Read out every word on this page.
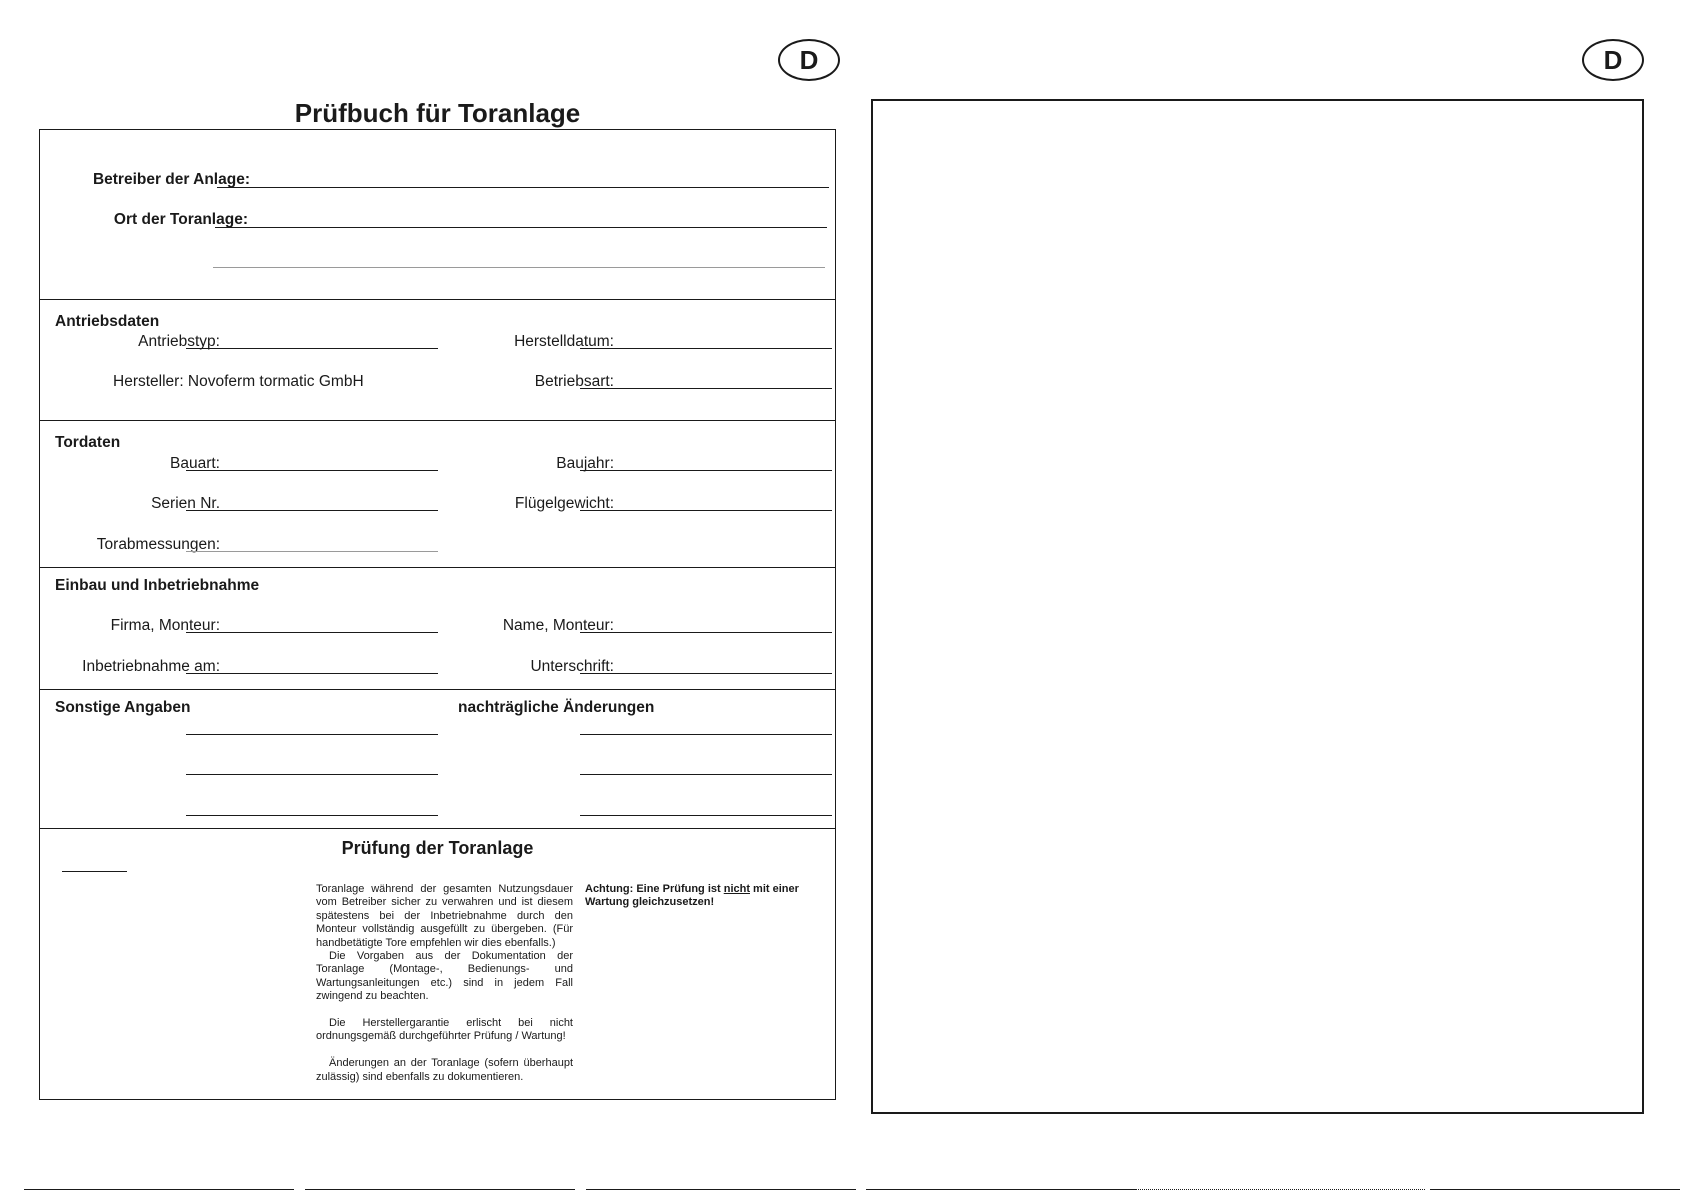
D	D
Prüfbuch für Toranlage
Betreiber der Anlage:
Ort der Toranlage:
Antriebsdaten
Antriebstyp:	Herstelldatum:
Hersteller: Novoferm tormatic GmbH	Betriebsart:
Tordaten
Bauart:	Baujahr:
Serien Nr.	Flügelgewicht:
Torabmessungen:
Einbau und Inbetriebnahme
Firma, Monteur:	Name, Monteur:
Inbetriebnahme am:	Unterschrift:
Sonstige Angaben	nachträgliche Änderungen
Prüfung der Toranlage

Toranlage während der gesamten Nutzungsdauer vom Betreiber sicher zu verwahren und ist diesem spätestens bei der Inbetriebnahme durch den Monteur vollständig ausgefüllt zu übergeben. (Für handbetätigte Tore empfehlen wir dies ebenfalls.)

Die Vorgaben aus der Dokumentation der Toranlage (Montage-, Bedienungs- und Wartungsanleitungen etc.) sind in jedem Fall zwingend zu beachten.

Die Herstellergarantie erlischt bei nicht ordnungsgemäß durchgeführter Prüfung / Wartung!

Änderungen an der Toranlage (sofern überhaupt zulässig) sind ebenfalls zu dokumentieren.

Achtung: Eine Prüfung ist nicht mit einer Wartung gleichzusetzen!
